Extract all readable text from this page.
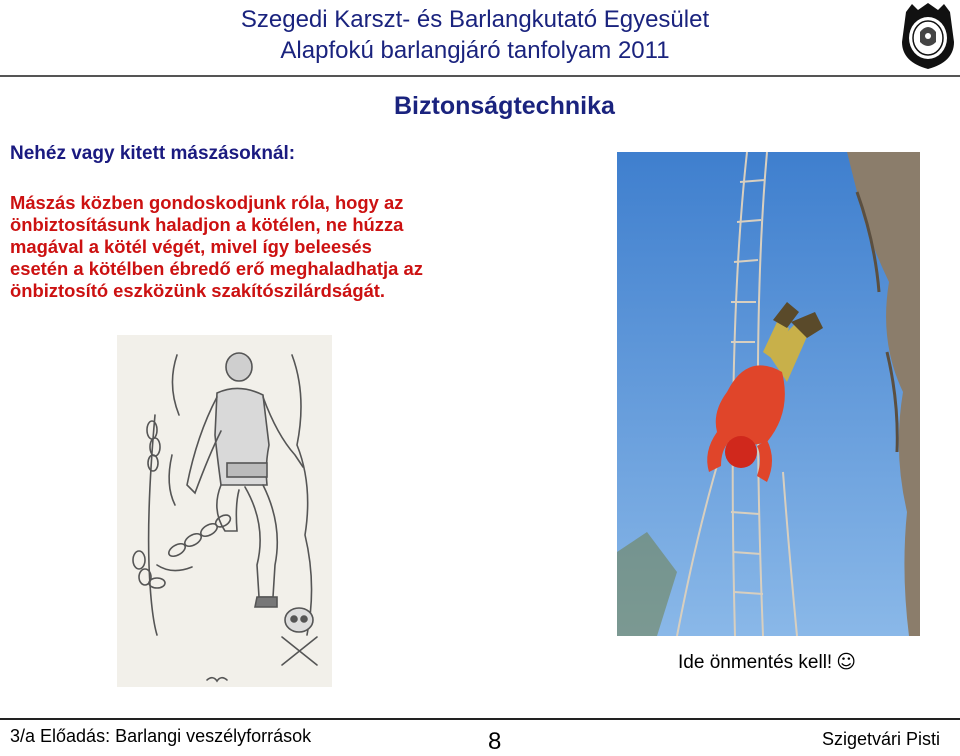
Szegedi Karszt- és Barlangkutató Egyesület
Alapfokú barlangjáró tanfolyam 2011
Biztonságtechnika
Nehéz vagy kitett mászásoknál:
Mászás közben gondoskodjunk róla, hogy az
önbiztosításunk haladjon a kötélen, ne húzza
magával a kötél végét, mivel így beleesés
esetén a kötélben ébredő erő meghaladhatja az
önbiztosító eszközünk szakítószilárdságát.
Ide önmentés kell! ☺
3/a Előadás: Barlangi veszélyforrások	8	Szigetvári Pisti
